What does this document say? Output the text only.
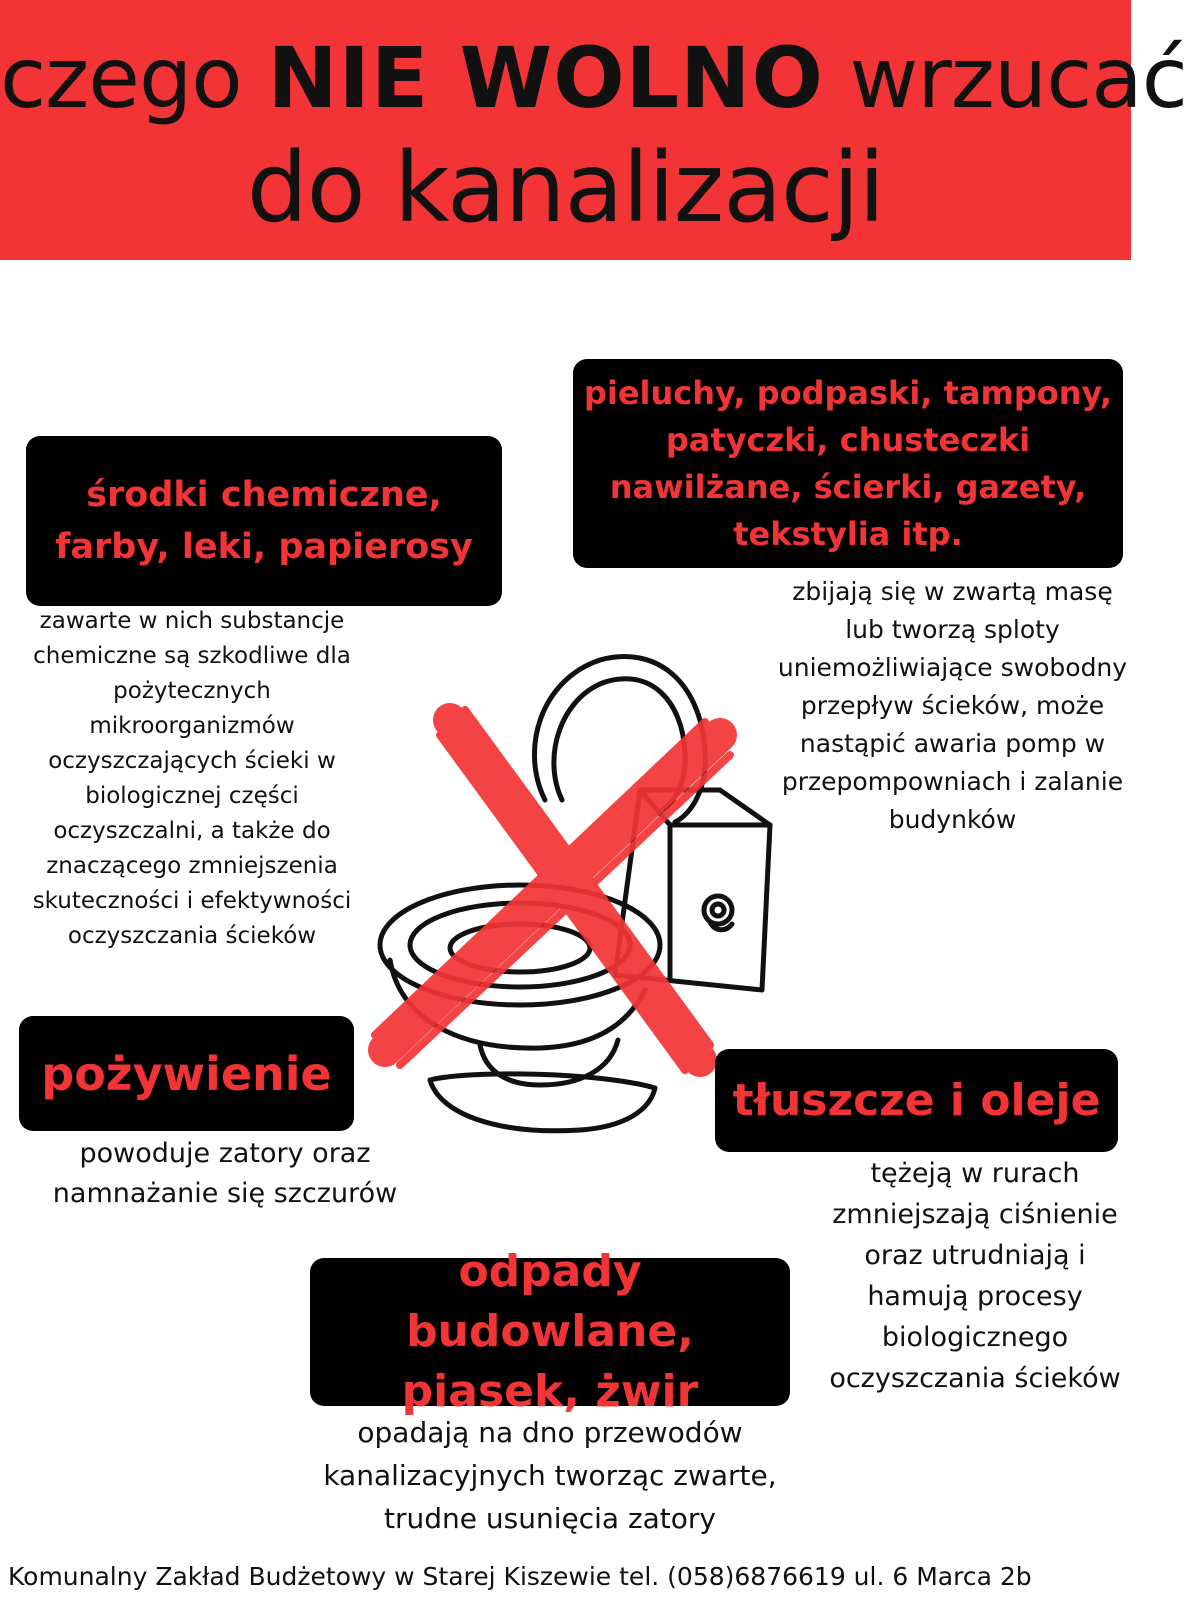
czego NIE WOLNO wrzucać
do kanalizacji
środki chemiczne, farby, leki, papierosy
zawarte w nich substancje chemiczne są szkodliwe dla pożytecznych mikroorganizmów oczyszczających ścieki w biologicznej części oczyszczalni, a także do znaczącego zmniejszenia skuteczności i efektywności oczyszczania ścieków
pieluchy, podpaski, tampony, patyczki, chusteczki nawilżane, ścierki, gazety, tekstylia itp.
zbijają się w zwartą masę lub tworzą sploty uniemożliwiające swobodny przepływ ścieków, może nastąpić awaria pomp w przepompowniach i zalanie budynków
pożywienie
powoduje zatory oraz namnażanie się szczurów
tłuszcze i oleje
tężeją w rurach zmniejszają ciśnienie oraz utrudniają i hamują procesy biologicznego oczyszczania ścieków
odpady budowlane, piasek, żwir
opadają na dno przewodów kanalizacyjnych tworząc zwarte, trudne usunięcia zatory
Komunalny Zakład Budżetowy w Starej Kiszewie tel. (058)6876619 ul. 6 Marca 2b
